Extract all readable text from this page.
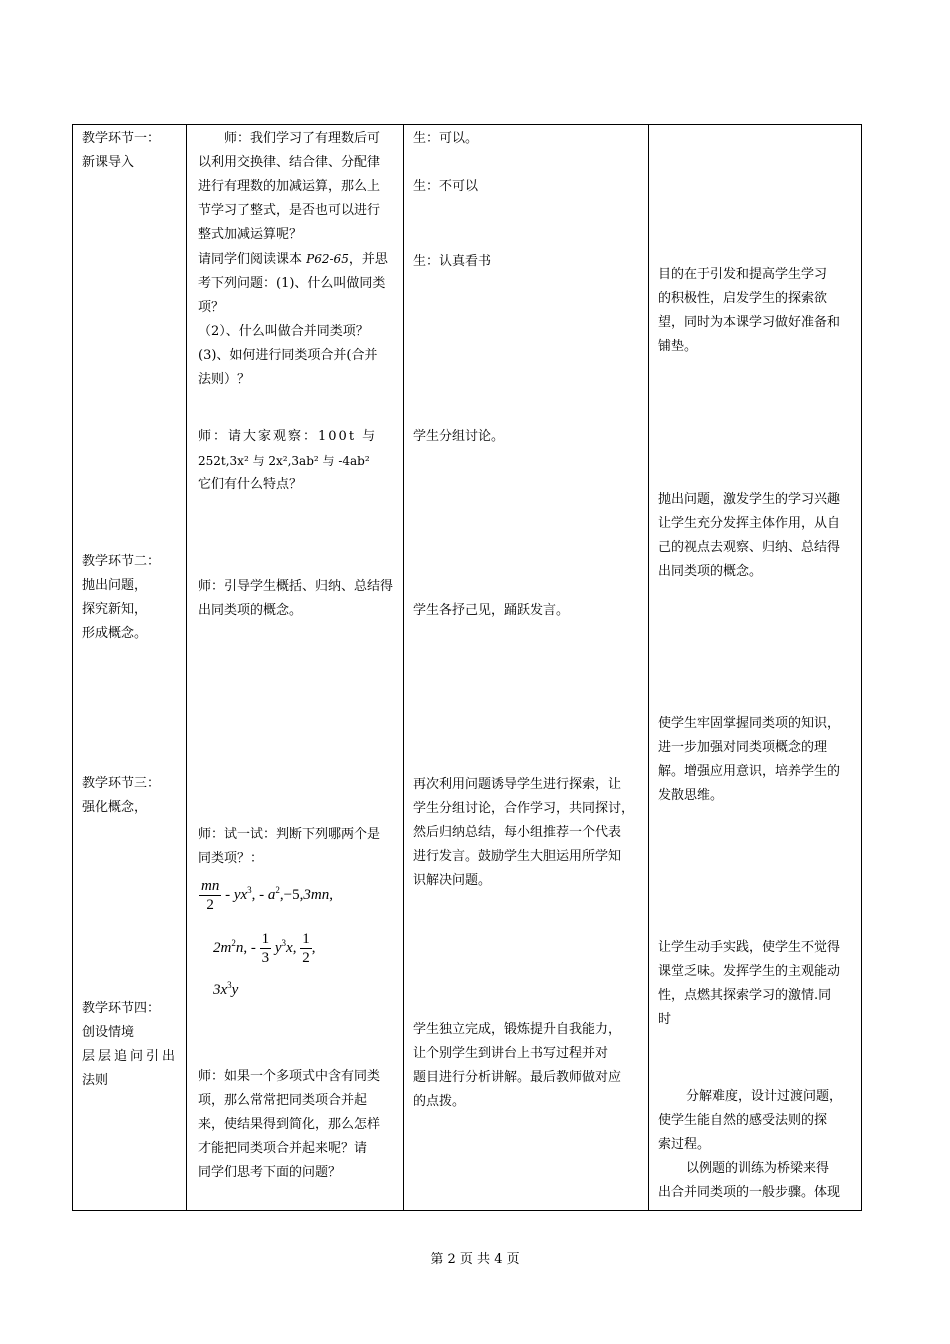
教学环节一：
新课导入
教学环节二：
抛出问题，
探究新知，
形成概念。
教学环节三：
强化概念，
教学环节四：
创设情境
层层追问引出
法则
师：我们学习了有理数后可
以利用交换律、结合律、分配律
进行有理数的加减运算，那么上
节学习了整式，是否也可以进行
整式加减运算呢？
请同学们阅读课本 P62-65，并思
考下列问题：(1)、什么叫做同类
项？
（2）、什么叫做合并同类项？
(3)、如何进行同类项合并(合并
法则）？
师：请大家观察：100t 与
252t,3x² 与 2x²,3ab² 与 -4ab²
它们有什么特点？
师：引导学生概括、归纳、总结得
出同类项的概念。
师：试一试：判断下列哪两个是
同类项？：
$\frac{mn}{2} - yx^3$, - $a^2,-5,3mn$,
$2m^2n$, - $\frac{1}{3} y^3x$, $\frac{1}{2}$ ,
$3x^3y$
师：如果一个多项式中含有同类
项，那么常常把同类项合并起
来，使结果得到简化，那么怎样
才能把同类项合并起来呢？请
同学们思考下面的问题？
生：可以。
生：不可以
生：认真看书
学生分组讨论。
学生各抒己见，踊跃发言。
再次利用问题诱导学生进行探索，让
学生分组讨论，合作学习，共同探讨，
然后归纳总结，每小组推荐一个代表
进行发言。鼓励学生大胆运用所学知
识解决问题。
学生独立完成，锻炼提升自我能力，
让个别学生到讲台上书写过程并对
题目进行分析讲解。最后教师做对应
的点拨。
目的在于引发和提高学生学习
的积极性，启发学生的探索欲
望，同时为本课学习做好准备和
铺垫。
抛出问题，激发学生的学习兴趣
让学生充分发挥主体作用，从自
己的视点去观察、归纳、总结得
出同类项的概念。
使学生牢固掌握同类项的知识，
进一步加强对同类项概念的理
解。增强应用意识，培养学生的
发散思维。
让学生动手实践，使学生不觉得
课堂乏味。发挥学生的主观能动
性，点燃其探索学习的激情.同
时
分解难度，设计过渡问题，
使学生能自然的感受法则的探
索过程。
以例题的训练为桥梁来得
出合并同类项的一般步骤。体现
第 2 页 共 4 页
